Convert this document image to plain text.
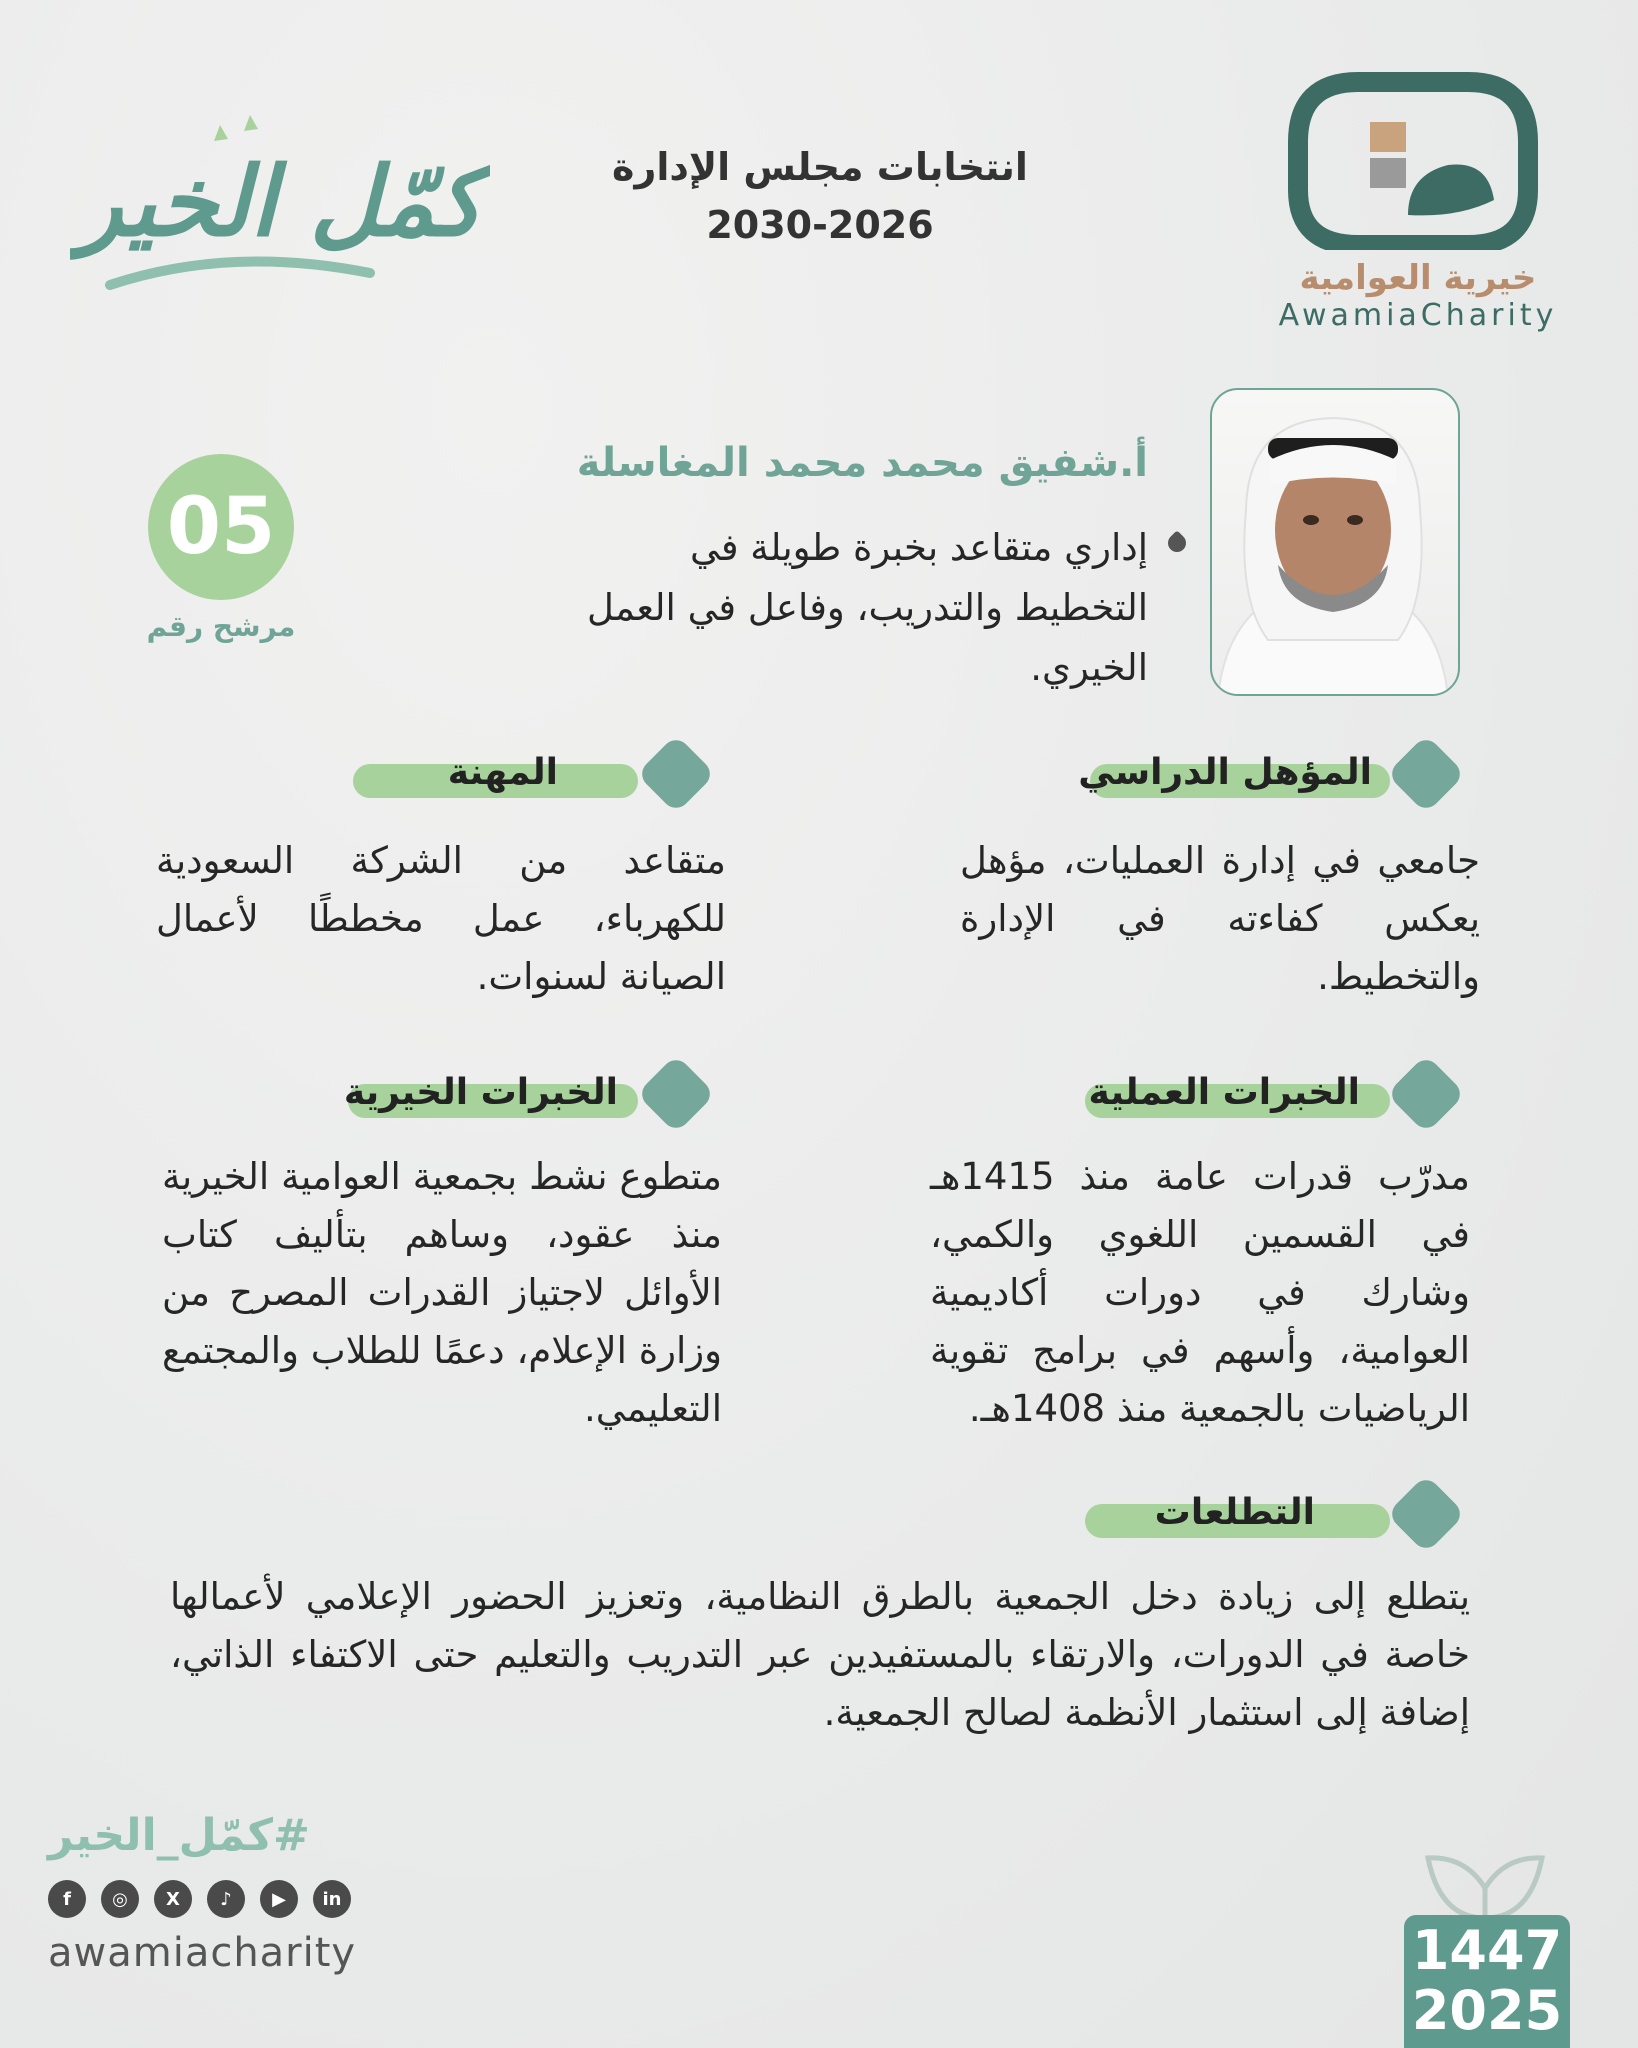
كمّل الخير	انتخابات مجلس الإدارة
2030-2026
خيرية العوامية
AwamiaCharity
أ.شفيق محمد محمد المغاسلة
إداري متقاعد بخبرة طويلة في التخطيط والتدريب، وفاعل في العمل الخيري.
05
مرشح رقم
المؤهل الدراسي
جامعي في إدارة العمليات، مؤهل يعكس كفاءته في الإدارة والتخطيط.
المهنة
متقاعد من الشركة السعودية للكهرباء، عمل مخططًا لأعمال الصيانة لسنوات.
الخبرات العملية
مدرّب قدرات عامة منذ 1415هـ في القسمين اللغوي والكمي، وشارك في دورات أكاديمية العوامية، وأسهم في برامج تقوية الرياضيات بالجمعية منذ 1408هـ.
الخبرات الخيرية
متطوع نشط بجمعية العوامية الخيرية منذ عقود، وساهم بتأليف كتاب الأوائل لاجتياز القدرات المصرح من وزارة الإعلام، دعمًا للطلاب والمجتمع التعليمي.
التطلعات
يتطلع إلى زيادة دخل الجمعية بالطرق النظامية، وتعزيز الحضور الإعلامي لأعمالها خاصة في الدورات، والارتقاء بالمستفيدين عبر التدريب والتعليم حتى الاكتفاء الذاتي، إضافة إلى استثمار الأنظمة لصالح الجمعية.
#كمّل_الخير
f	◎	X	♪	▶	in
awamiacharity	1447
2025
